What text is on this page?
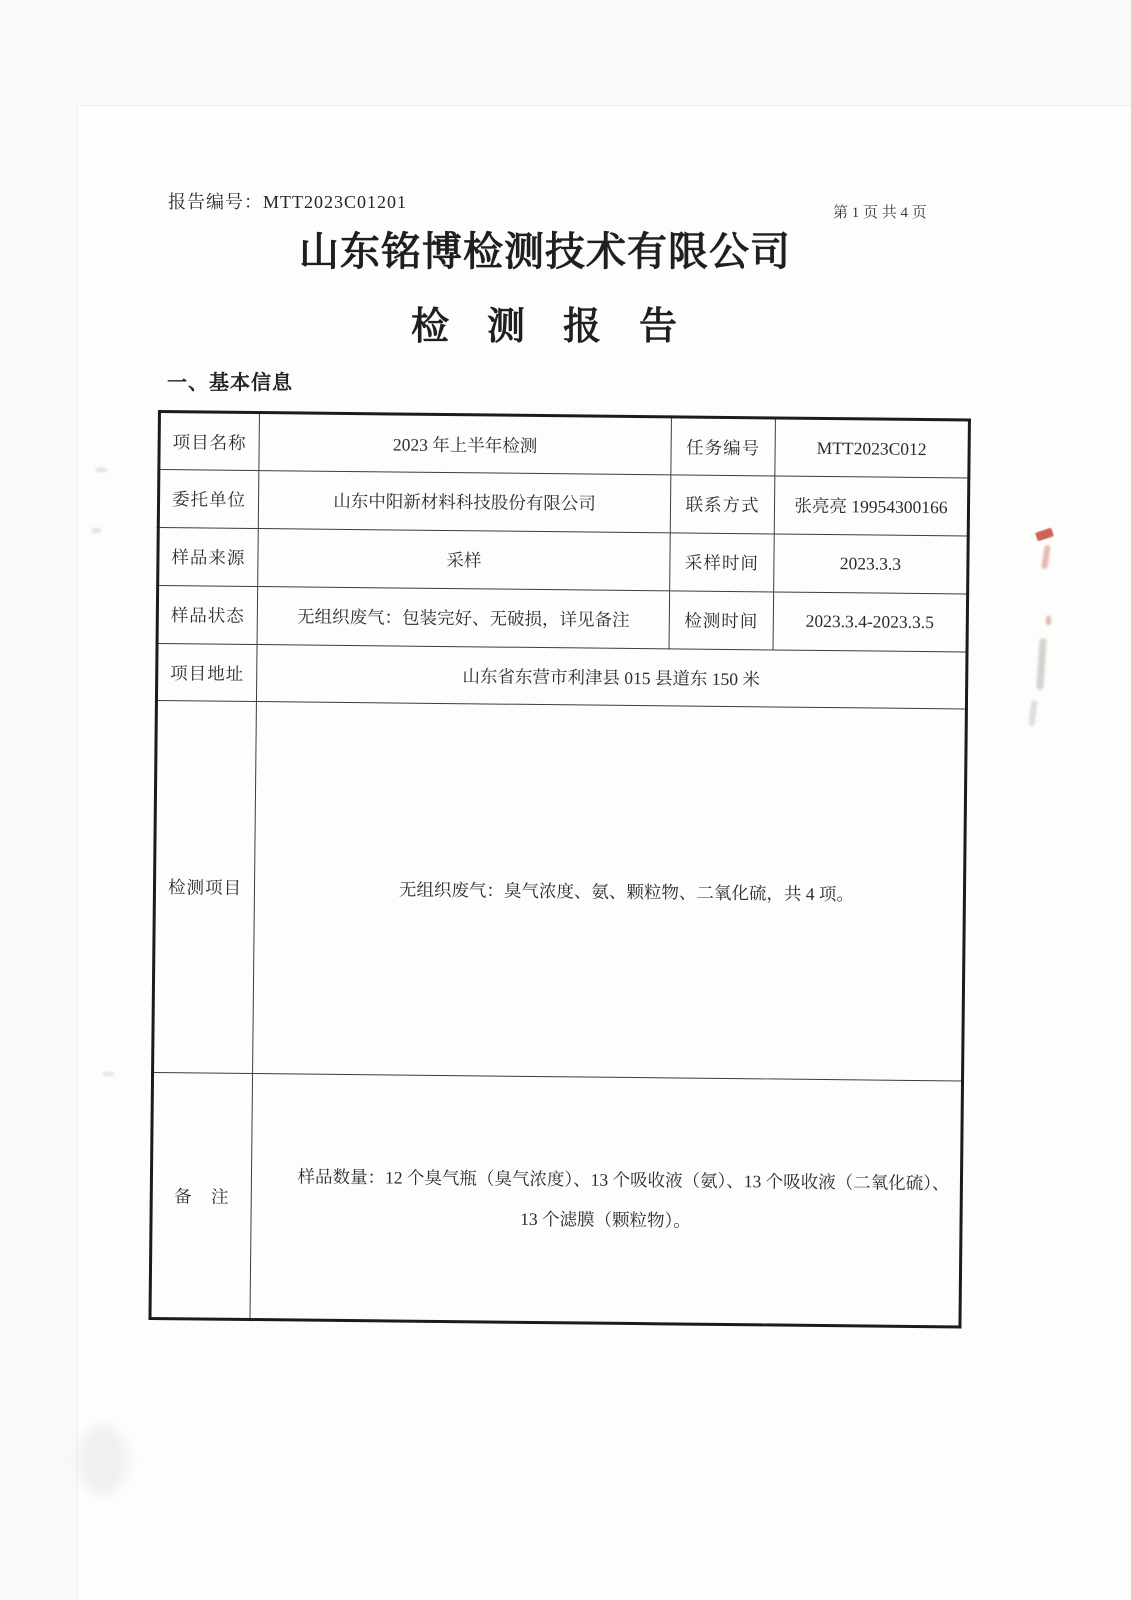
报告编号：MTT2023C01201
第 1 页 共 4 页
山东铭博检测技术有限公司
检　测　报　告
一、基本信息
项目名称	2023 年上半年检测	任务编号	MTT2023C012
委托单位	山东中阳新材料科技股份有限公司	联系方式	张亮亮 19954300166
样品来源	采样	采样时间	2023.3.3
样品状态	无组织废气：包装完好、无破损，详见备注	检测时间	2023.3.4-2023.3.5
项目地址	山东省东营市利津县 015 县道东 150 米		
检测项目	无组织废气：臭气浓度、氨、颗粒物、二氧化硫，共 4 项。		
备　注	样品数量：12 个臭气瓶（臭气浓度）、13 个吸收液（氨）、13 个吸收液（二氧化硫）、13 个滤膜（颗粒物）。		
